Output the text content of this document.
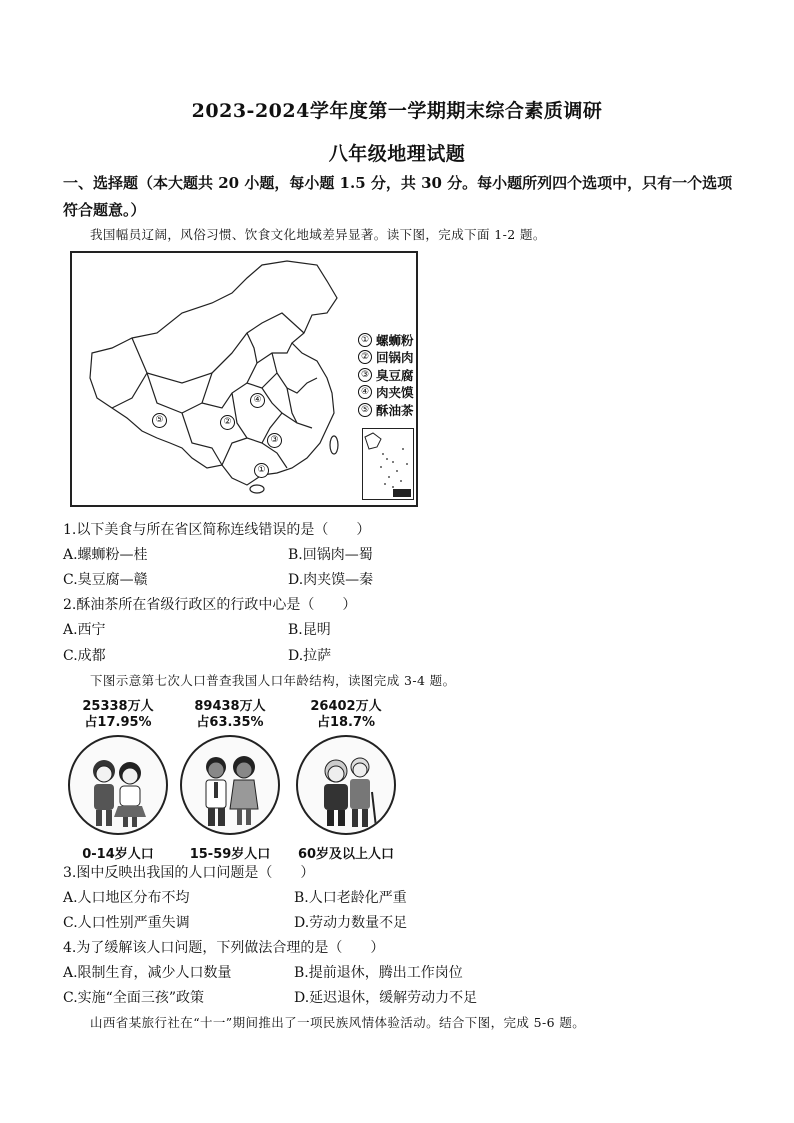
2023-2024学年度第一学期期末综合素质调研
八年级地理试题
一、选择题（本大题共 20 小题，每小题 1.5 分，共 30 分。每小题所列四个选项中，只有一个选项符合题意。）
我国幅员辽阔，风俗习惯、饮食文化地域差异显著。读下图，完成下面 1-2 题。
①
②
③
④
⑤
① 螺蛳粉
② 回锅肉
③ 臭豆腐
④ 肉夹馍
⑤ 酥油茶
1.以下美食与所在省区简称连线错误的是（　　）
A.螺蛳粉—桂	B.回锅肉—蜀
C.臭豆腐—赣	D.肉夹馍—秦
2.酥油茶所在省级行政区的行政中心是（　　）
A.西宁	B.昆明
C.成都	D.拉萨
下图示意第七次人口普查我国人口年龄结构，读图完成 3-4 题。
25338万人
占17.95%
0-14岁人口
89438万人
占63.35%
15-59岁人口
26402万人
占18.7%
60岁及以上人口
3.图中反映出我国的人口问题是（　　）
A.人口地区分布不均	B.人口老龄化严重
C.人口性别严重失调	D.劳动力数量不足
4.为了缓解该人口问题，下列做法合理的是（　　）
A.限制生育，减少人口数量	B.提前退休，腾出工作岗位
C.实施“全面三孩”政策	D.延迟退休，缓解劳动力不足
山西省某旅行社在“十一”期间推出了一项民族风情体验活动。结合下图，完成 5-6 题。
